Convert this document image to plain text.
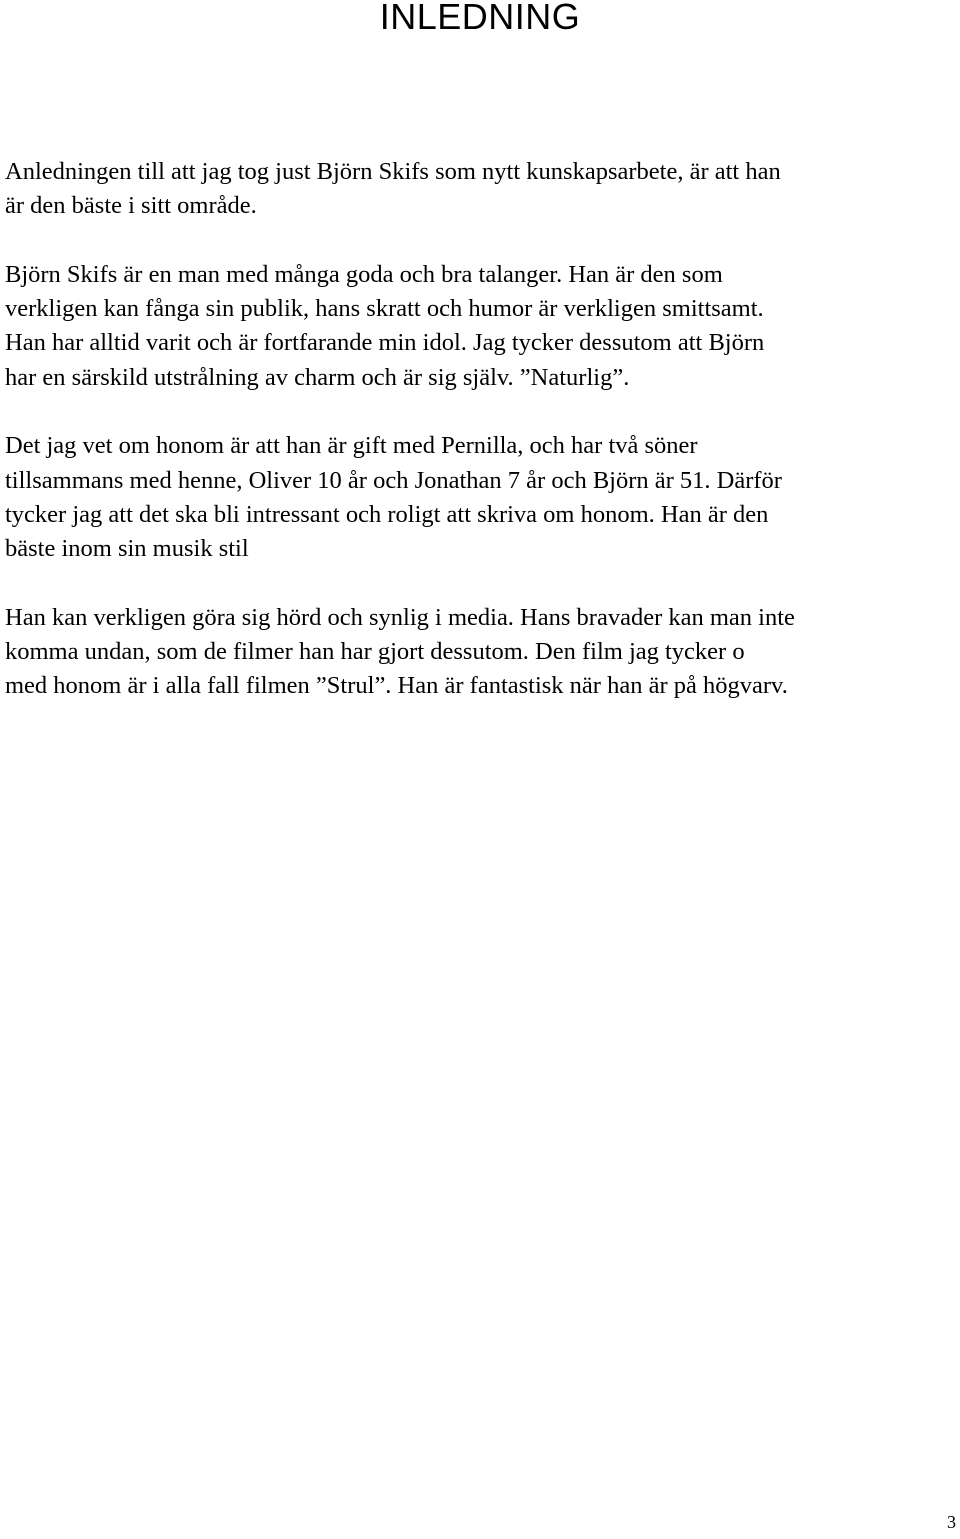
INLEDNING
Anledningen till att jag tog just Björn Skifs som nytt kunskapsarbete, är att han
är den bäste i sitt område.
Björn Skifs är en man med många goda och bra talanger. Han är den som
verkligen kan fånga sin publik, hans skratt och humor är verkligen smittsamt.
Han har alltid varit och är fortfarande min idol. Jag tycker dessutom att Björn
har en särskild utstrålning av charm och är sig själv. ”Naturlig”.
Det jag vet om honom är att han är gift med Pernilla, och har två söner
tillsammans med henne, Oliver 10 år och Jonathan 7 år och Björn är 51. Därför
tycker jag att det ska bli intressant och roligt att skriva om honom. Han är den
bäste inom sin musik stil
Han kan verkligen göra sig hörd och synlig i media. Hans bravader kan man inte
komma undan, som de filmer han har gjort dessutom. Den film jag tycker o
med honom är i alla fall filmen ”Strul”. Han är fantastisk när han är på högvarv.
3
